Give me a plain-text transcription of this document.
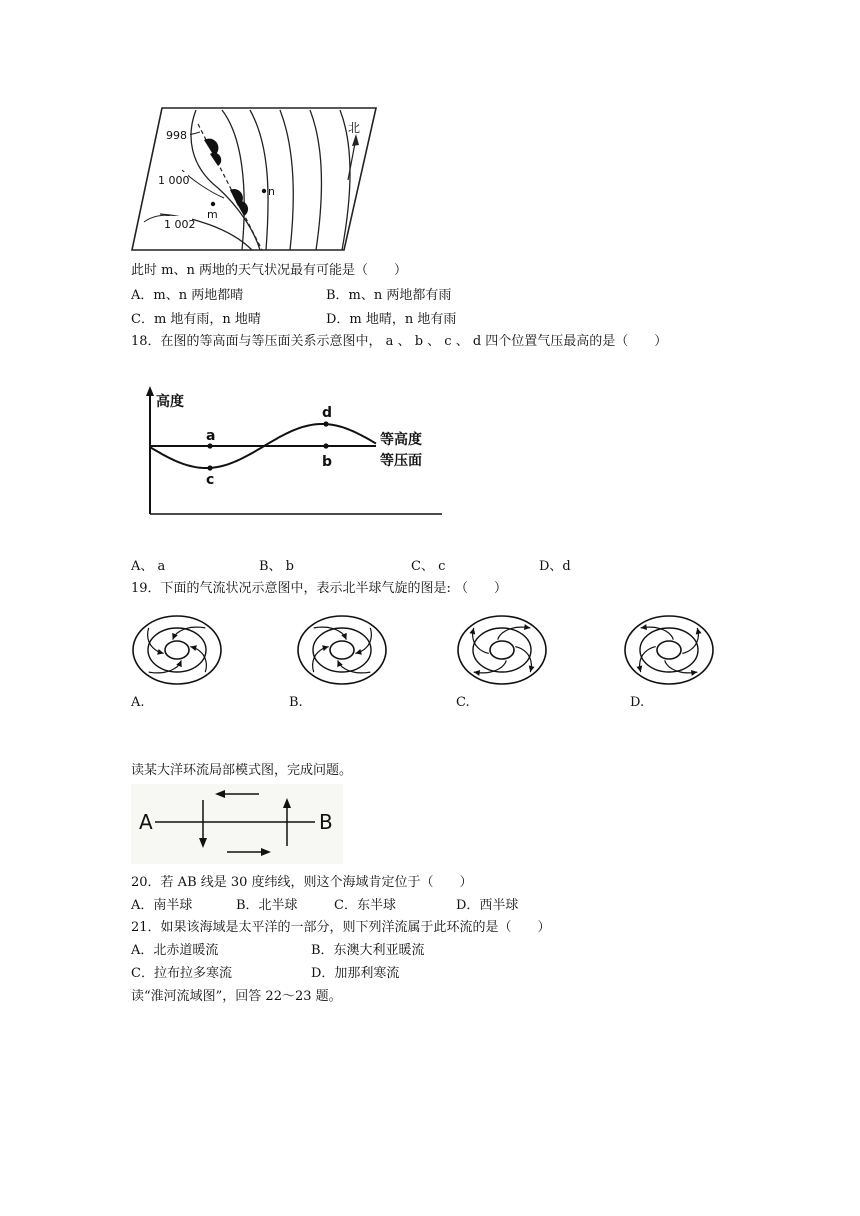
998
1 000
1 002
n
m
北
此时 m、n 两地的天气状况最有可能是（　　）
A．m、n 两地都晴	B．m、n 两地都有雨
C．m 地有雨，n 地晴	D．m 地晴，n 地有雨
18．在图的等高面与等压面关系示意图中， a 、 b 、 c 、 d 四个位置气压最高的是（　　）
高度
a
b
c
d
等高度
等压面
A、 a	B、 b	C、 c	D、d
19．下面的气流状况示意图中，表示北半球气旋的图是: （　　）
A.	B.	C.	D.
读某大洋环流局部模式图，完成问题。
A	B
20．若 AB 线是 30 度纬线，则这个海域肯定位于（　　）
A．南半球	B．北半球	C．东半球	D．西半球
21．如果该海域是太平洋的一部分，则下列洋流属于此环流的是（　　）
A．北赤道暖流	B．东澳大利亚暖流
C．拉布拉多寒流	D．加那利寒流
读“淮河流域图”，回答 22～23 题。
